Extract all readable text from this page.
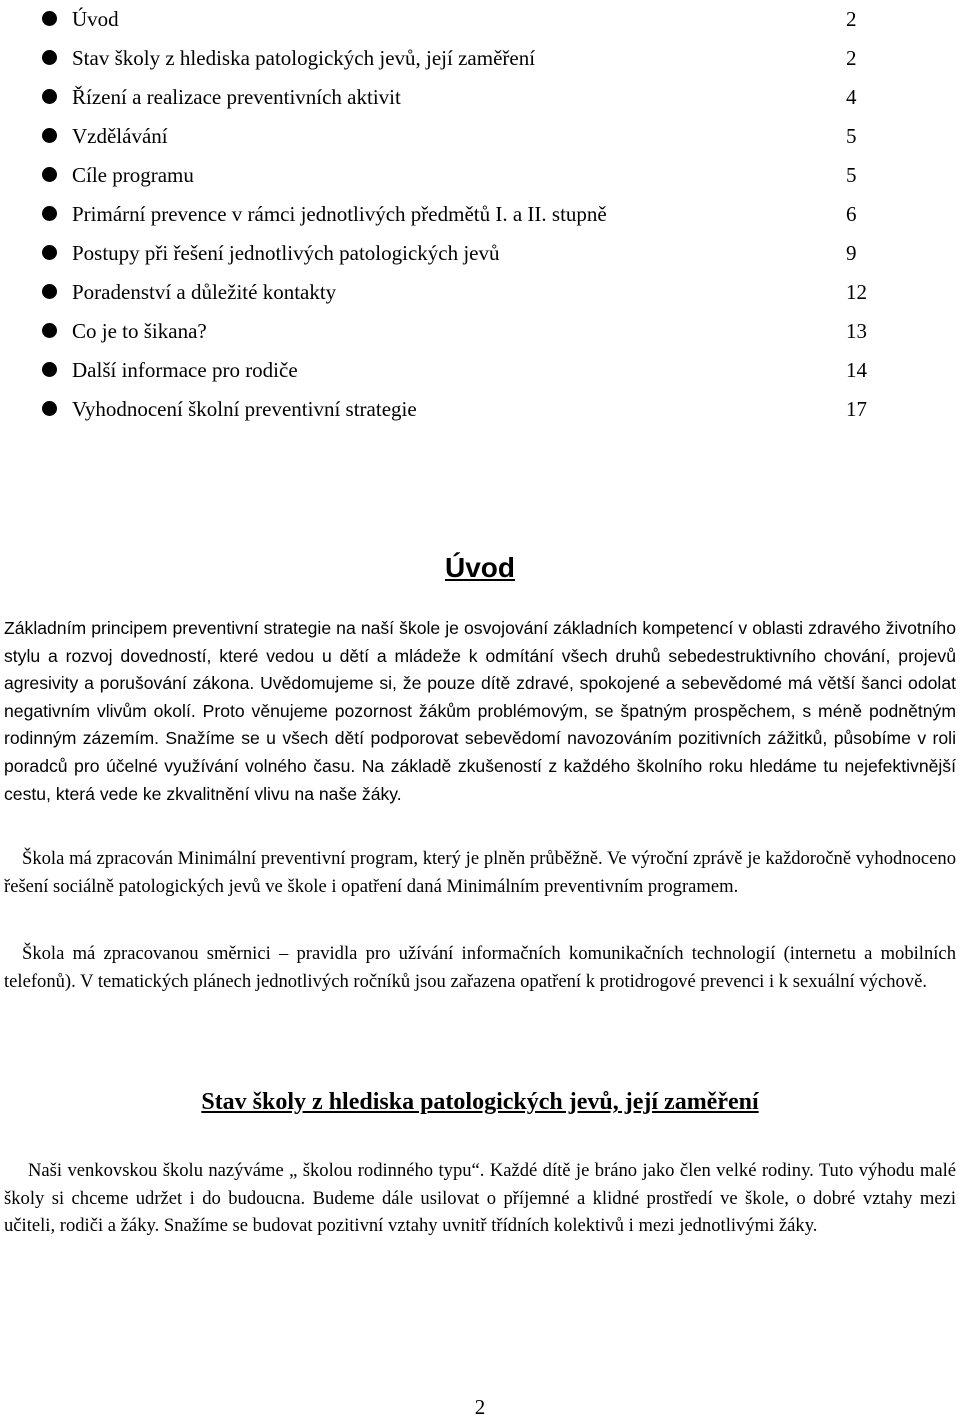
Úvod	2
Stav školy z hlediska patologických jevů, její zaměření	2
Řízení a realizace preventivních aktivit	4
Vzdělávání	5
Cíle programu	5
Primární prevence v rámci jednotlivých předmětů I. a II. stupně	6
Postupy při řešení jednotlivých patologických jevů	9
Poradenství a důležité kontakty	12
Co je to šikana?	13
Další informace pro rodiče	14
Vyhodnocení školní preventivní strategie	17
Úvod

Základním principem preventivní strategie na naší škole je osvojování základních kompetencí v oblasti zdravého životního stylu a rozvoj dovedností, které vedou u dětí a mládeže k odmítání všech druhů sebedestruktivního chování, projevů agresivity a porušování zákona. Uvědomujeme si, že pouze dítě zdravé, spokojené a sebevědomé má větší šanci odolat negativním vlivům okolí. Proto věnujeme pozornost žákům problémovým, se špatným prospěchem, s méně podnětným rodinným zázemím. Snažíme se u všech dětí podporovat sebevědomí navozováním pozitivních zážitků, působíme v roli poradců pro účelné využívání volného času. Na základě zkušeností z každého školního roku hledáme tu nejefektivnější cestu, která vede ke zkvalitnění vlivu na naše žáky.

Škola má zpracován Minimální preventivní program, který je plněn průběžně. Ve výroční zprávě je každoročně vyhodnoceno řešení sociálně patologických jevů ve škole i opatření daná Minimálním preventivním programem.

Škola má zpracovanou směrnici – pravidla pro užívání informačních komunikačních technologií (internetu a mobilních telefonů). V tematických plánech jednotlivých ročníků jsou zařazena opatření k protidrogové prevenci i k sexuální výchově.

Stav školy z hlediska patologických jevů, její zaměření

Naši venkovskou školu nazýváme „ školou rodinného typu“. Každé dítě je bráno jako člen velké rodiny. Tuto výhodu malé školy si chceme udržet i do budoucna. Budeme dále usilovat o příjemné a klidné prostředí ve škole, o dobré vztahy mezi učiteli, rodiči a žáky. Snažíme se budovat pozitivní vztahy uvnitř třídních kolektivů i mezi jednotlivými žáky.

2
